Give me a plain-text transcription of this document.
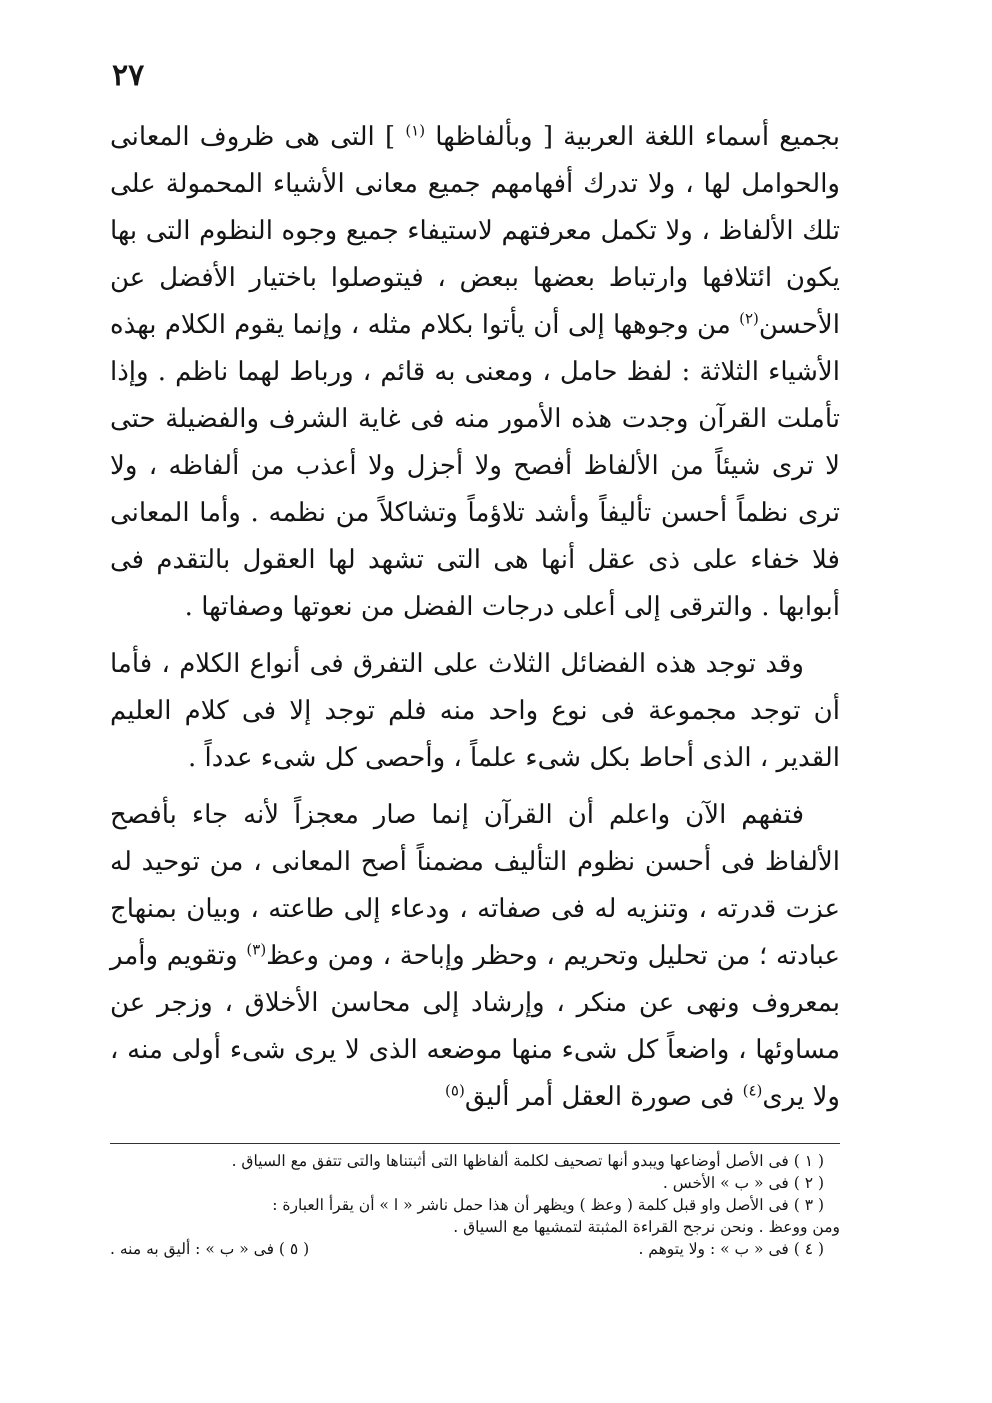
٢٧

بجميع أسماء اللغة العربية [ وبألفاظها $^{(١)}$ ] التى هى ظروف المعانى والحوامل لها ، ولا تدرك أفهامهم جميع معانى الأشياء المحمولة على تلك الألفاظ ، ولا تكمل معرفتهم لاستيفاء جميع وجوه النظوم التى بها يكون ائتلافها وارتباط بعضها ببعض ، فيتوصلوا باختيار الأفضل عن الأحسن$^{(٢)}$ من وجوهها إلى أن يأتوا بكلام مثله ، وإنما يقوم الكلام بهذه الأشياء الثلاثة : لفظ حامل ، ومعنى به قائم ، ورباط لهما ناظم . وإذا تأملت القرآن وجدت هذه الأمور منه فى غاية الشرف والفضيلة حتى لا ترى شيئاً من الألفاظ أفصح ولا أجزل ولا أعذب من ألفاظه ، ولا ترى نظماً أحسن تأليفاً وأشد تلاؤماً وتشاكلاً من نظمه . وأما المعانى فلا خفاء على ذى عقل أنها هى التى تشهد لها العقول بالتقدم فى أبوابها . والترقى إلى أعلى درجات الفضل من نعوتها وصفاتها .

وقد توجد هذه الفضائل الثلاث على التفرق فى أنواع الكلام ، فأما أن توجد مجموعة فى نوع واحد منه فلم توجد إلا فى كلام العليم القدير ، الذى أحاط بكل شىء علماً ، وأحصى كل شىء عدداً .

فتفهم الآن واعلم أن القرآن إنما صار معجزاً لأنه جاء بأفصح الألفاظ فى أحسن نظوم التأليف مضمناً أصح المعانى ، من توحيد له عزت قدرته ، وتنزيه له فى صفاته ، ودعاء إلى طاعته ، وبيان بمنهاج عبادته ؛ من تحليل وتحريم ، وحظر وإباحة ، ومن وعظ$^{(٣)}$ وتقويم وأمر بمعروف ونهى عن منكر ، وإرشاد إلى محاسن الأخلاق ، وزجر عن مساوئها ، واضعاً كل شىء منها موضعه الذى لا يرى شىء أولى منه ، ولا يرى$^{(٤)}$ فى صورة العقل أمر أليق$^{(٥)}$

( ١ ) فى الأصل أوضاعها ويبدو أنها تصحيف لكلمة ألفاظها التى أثبتناها والتى تتفق مع السياق .

( ٢ ) فى « ب » الأخس .

( ٣ ) فى الأصل واو قبل كلمة ( وعظ ) ويظهر أن هذا حمل ناشر « ا » أن يقرأ العبارة :

ومن ووعظ . ونحن نرجح القراءة المثبتة لتمشيها مع السياق .

( ٤ ) فى « ب » : ولا يتوهم .
( ٥ ) فى « ب » : أليق به منه .
